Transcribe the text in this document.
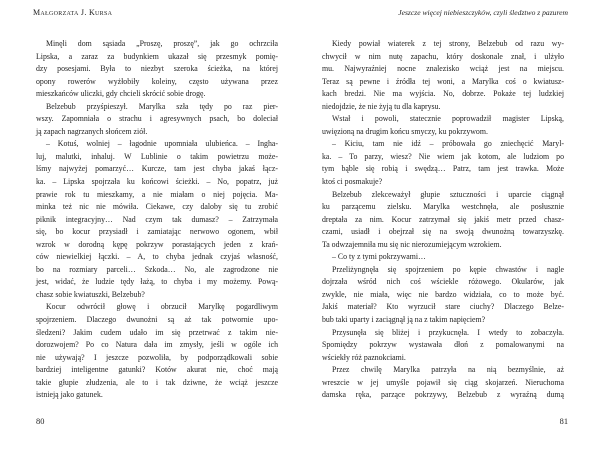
Małgorzata J. Kursa
Minęli dom sąsiada „Proszę, proszę”, jak go ochrzciła
Lipska, a zaraz za budynkiem ukazał się przesmyk pomię-
dzy posesjami. Była to niezbyt szeroka ścieżka, na której
opony rowerów wyżłobiły koleiny, często używana przez
mieszkańców uliczki, gdy chcieli skrócić sobie drogę.
Belzebub przyśpieszył. Marylka szła tędy po raz pier-
wszy. Zapomniała o strachu i agresywnych psach, bo doleciał
ją zapach nagrzanych słońcem ziół.
– Kotuś, wolniej – łagodnie upomniała ulubieńca. – Ingha-
luj, malutki, inhaluj. W Lublinie o takim powietrzu może-
lśmy najwyżej pomarzyć… Kurcze, tam jest chyba jakaś łącz-
ka. – Lipska spojrzała ku końcowi ścieżki. – No, popatrz, już
prawie rok tu mieszkamy, a nie miałam o niej pojęcia. Ma-
minka też nic nie mówiła. Ciekawe, czy daloby się tu zrobić
piknik integracyjny… Nad czym tak dumasz? – Zatrzymała
się, bo kocur przysiadł i zamiatając nerwowo ogonem, wbił
wzrok w dorodną kępę pokrzyw porastających jeden z krań-
ców niewielkiej łączki. – A, to chyba jednak czyjaś własność,
bo na rozmiary parceli… Szkoda… No, ale zagrodzone nie
jest, widać, że ludzie tędy łażą, to chyba i my możemy. Pową-
chasz sobie kwiatuszki, Belzebub?
Kocur odwrócił głowę i obrzucił Marylkę pogardliwym
spojrzeniem. Dlaczego dwunożni są aż tak potwornie upo-
śledzeni? Jakim cudem udało im się przetrwać z takim nie-
dorozwojem? Po co Natura dała im zmysły, jeśli w ogóle ich
nie używają? I jeszcze pozwoliła, by podporządkowali sobie
bardziej inteligentne gatunki? Kotów akurat nie, choć mają
takie głupie złudzenia, ale to i tak dziwne, że wciąż jeszcze
istnieją jako gatunek.
80
Jeszcze więcej niebieszczyków, czyli śledztwo z pazurem
Kiedy powiał wiaterek z tej strony, Belzebub od razu wy-
chwycił w nim nutę zapachu, który doskonale znał, i ulżyło
mu. Najwyraźniej nocne znalezisko wciąż jest na miejscu.
Teraz są pewne i źródła tej woni, a Marylka coś o kwiatusz-
kach bredzi. Nie ma wyjścia. No, dobrze. Pokaże tej ludzkiej
niedojdzie, że nie żyją tu dla kaprysu.
Wstał i powoli, statecznie poprowadził magister Lipską,
uwięzioną na drugim końcu smyczy, ku pokrzywom.
– Kiciu, tam nie idź – próbowała go zniechęcić Maryl-
ka. – To parzy, wiesz? Nie wiem jak kotom, ale ludziom po
tym bąble się robią i swędzą… Patrz, tam jest trawka. Może
ktoś ci posmakuje?
Belzebub zlekceważył głupie sztuczności i uparcie ciągnął
ku parzącemu zielsku. Marylka westchnęła, ale posłusznie
dreptała za nim. Kocur zatrzymał się jakiś metr przed chasz-
czami, usiadł i obejrzał się na swoją dwunożną towarzyszkę.
Ta odwzajemniła mu się nic nierozumiejącym wzrokiem.
– Co ty z tymi pokrzywami…
Przeliżyngnęła się spojrzeniem po kępie chwastów i nagle
dojrzała wśród nich coś wściekle różowego. Okularów, jak
zwykle, nie miała, więc nie bardzo widziała, co to może być.
Jakiś materiał? Kto wyrzucił stare ciuchy? Dlaczego Belze-
bub taki uparty i zaciągnął ją na z takim napięciem?
Przysunęła się bliżej i przykucnęła. I wtedy to zobaczyła.
Spomiędzy pokrzyw wystawała dłoń z pomalowanymi na
wściekły róż paznokciami.
Przez chwilę Marylka patrzyła na nią bezmyślnie, aż
wreszcie w jej umyśle pojawił się ciąg skojarzeń. Nieruchoma
damska ręka, parzące pokrzywy, Belzebub z wyraźną dumą
81
